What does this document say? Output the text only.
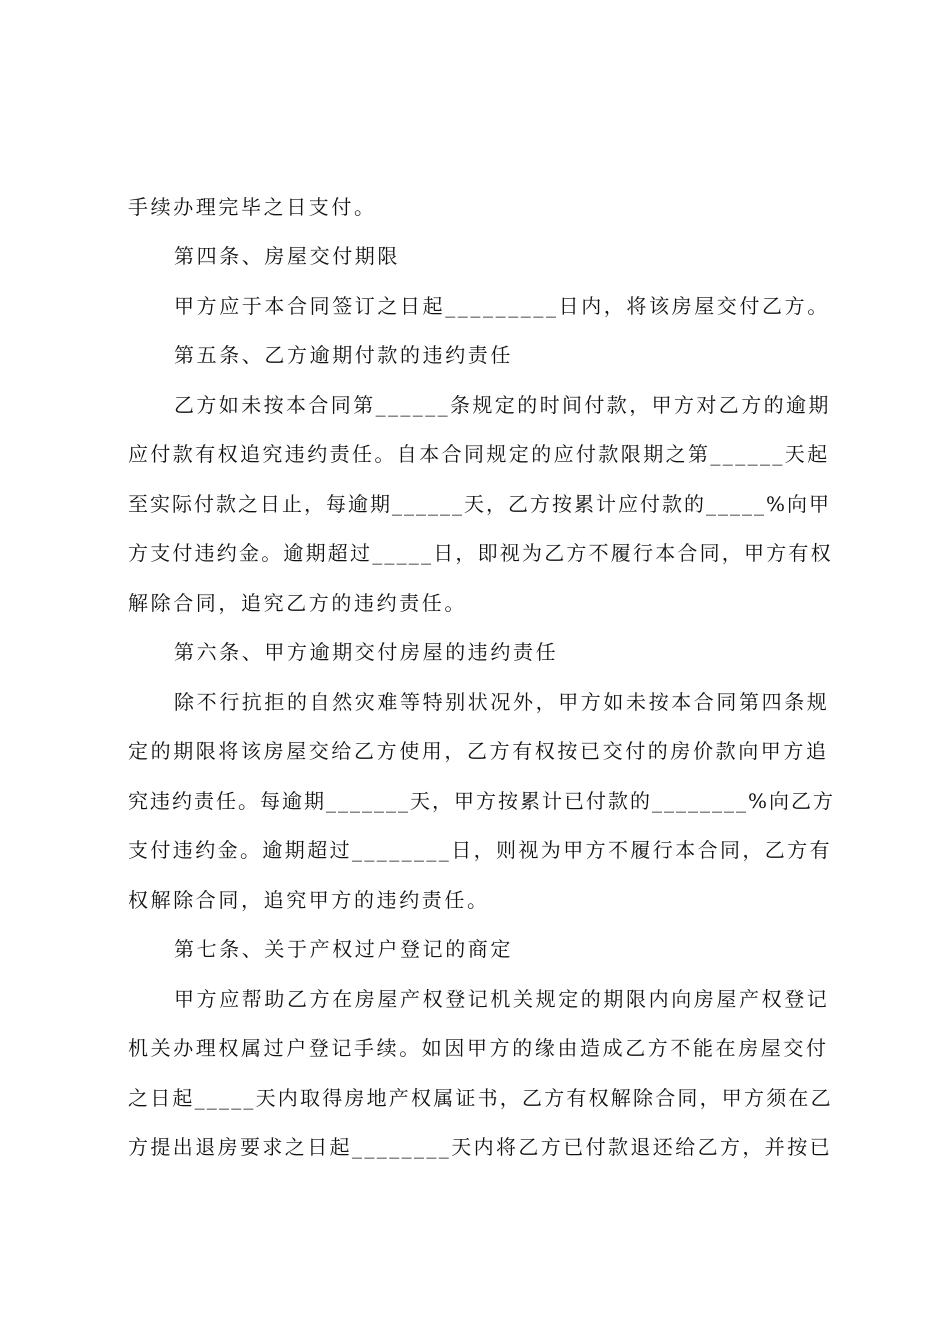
手续办理完毕之日支付。
第四条、房屋交付期限
甲方应于本合同签订之日起_________日内，将该房屋交付乙方。
第五条、乙方逾期付款的违约责任
乙方如未按本合同第______条规定的时间付款，甲方对乙方的逾期
应付款有权追究违约责任。自本合同规定的应付款限期之第______天起
至实际付款之日止，每逾期______天，乙方按累计应付款的_____%向甲
方支付违约金。逾期超过_____日，即视为乙方不履行本合同，甲方有权
解除合同，追究乙方的违约责任。
第六条、甲方逾期交付房屋的违约责任
除不行抗拒的自然灾难等特别状况外，甲方如未按本合同第四条规
定的期限将该房屋交给乙方使用，乙方有权按已交付的房价款向甲方追
究违约责任。每逾期_______天，甲方按累计已付款的________%向乙方
支付违约金。逾期超过________日，则视为甲方不履行本合同，乙方有
权解除合同，追究甲方的违约责任。
第七条、关于产权过户登记的商定
甲方应帮助乙方在房屋产权登记机关规定的期限内向房屋产权登记
机关办理权属过户登记手续。如因甲方的缘由造成乙方不能在房屋交付
之日起_____天内取得房地产权属证书，乙方有权解除合同，甲方须在乙
方提出退房要求之日起________天内将乙方已付款退还给乙方，并按已
